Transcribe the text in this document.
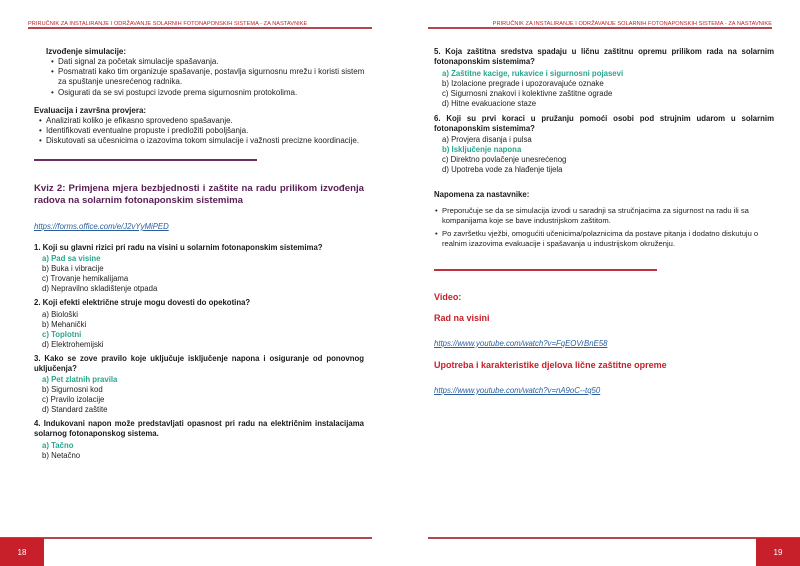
PRIRUČNIK ZA INSTALIRANJE I ODRŽAVANJE SOLARNIH FOTONAPONSKIH SISTEMA - ZA NASTAVNIKE

Izvođenje simulacije:

• Dati signal za početak simulacije spašavanja.
• Posmatrati kako tim organizuje spašavanje, postavlja sigurnosnu mrežu i koristi sistem za spuštanje unesrećenog radnika.
• Osigurati da se svi postupci izvode prema sigurnosnim protokolima.

Evaluacija i završna provjera:

• Analizirati koliko je efikasno sprovedeno spašavanje.
• Identifikovati eventualne propuste i predložiti poboljšanja.
• Diskutovati sa učesnicima o izazovima tokom simulacije i važnosti precizne koordinacije.
Kviz 2: Primjena mjera bezbjednosti i zaštite na radu prilikom izvođenja radova na solarnim fotonaponskim sistemima
https://forms.office.com/e/J2vYyMiPED

1. Koji su glavni rizici pri radu na visini u solarnim fotonaponskim sistemima?

a) Pad sa visine
b) Buka i vibracije
c) Trovanje hemikalijama
d) Nepravilno skladištenje otpada

2. Koji efekti električne struje mogu dovesti do opekotina?

a) Biološki
b) Mehanički
c) Toplotni
d) Elektrohemijski

3. Kako se zove pravilo koje uključuje isključenje napona i osiguranje od ponovnog uključenja?

a) Pet zlatnih pravila
b) Sigurnosni kod
c) Pravilo izolacije
d) Standard zaštite

4. Indukovani napon može predstavljati opasnost pri radu na električnim instalacijama solarnog fotonaponskog sistema.

a) Tačno
b) Netačno
18
PRIRUČNIK ZA INSTALIRANJE I ODRŽAVANJE SOLARNIH FOTONAPONSKIH SISTEMA - ZA NASTAVNIKE

5. Koja zaštitna sredstva spadaju u ličnu zaštitnu opremu prilikom rada na solarnim fotonaponskim sistemima?

a) Zaštitne kacige, rukavice i sigurnosni pojasevi
b) Izolacione pregrade i upozoravajuće oznake
c) Sigurnosni znakovi i kolektivne zaštitne ograde
d) Hitne evakuacione staze

6. Koji su prvi koraci u pružanju pomoći osobi pod strujnim udarom u solarnim fotonaponskim sistemima?

a) Provjera disanja i pulsa
b) Isključenje napona
c) Direktno povlačenje unesrećenog
d) Upotreba vode za hlađenje tijela

Napomena za nastavnike:

• Preporučuje se da se simulacija izvodi u saradnji sa stručnjacima za sigurnost na radu ili sa kompanijama koje se bave industrijskom zaštitom.
• Po završetku vježbi, omogućiti učenicima/polaznicima da postave pitanja i dodatno diskutuju o realnim izazovima evakuacije i spašavanja u industrijskom okruženju.

Video:

Rad na visini

https://www.youtube.com/watch?v=FqEOVrBnE58

Upotreba i karakteristike djelova lične zaštitne opreme

https://www.youtube.com/watch?v=nA9oC--tq50
19
